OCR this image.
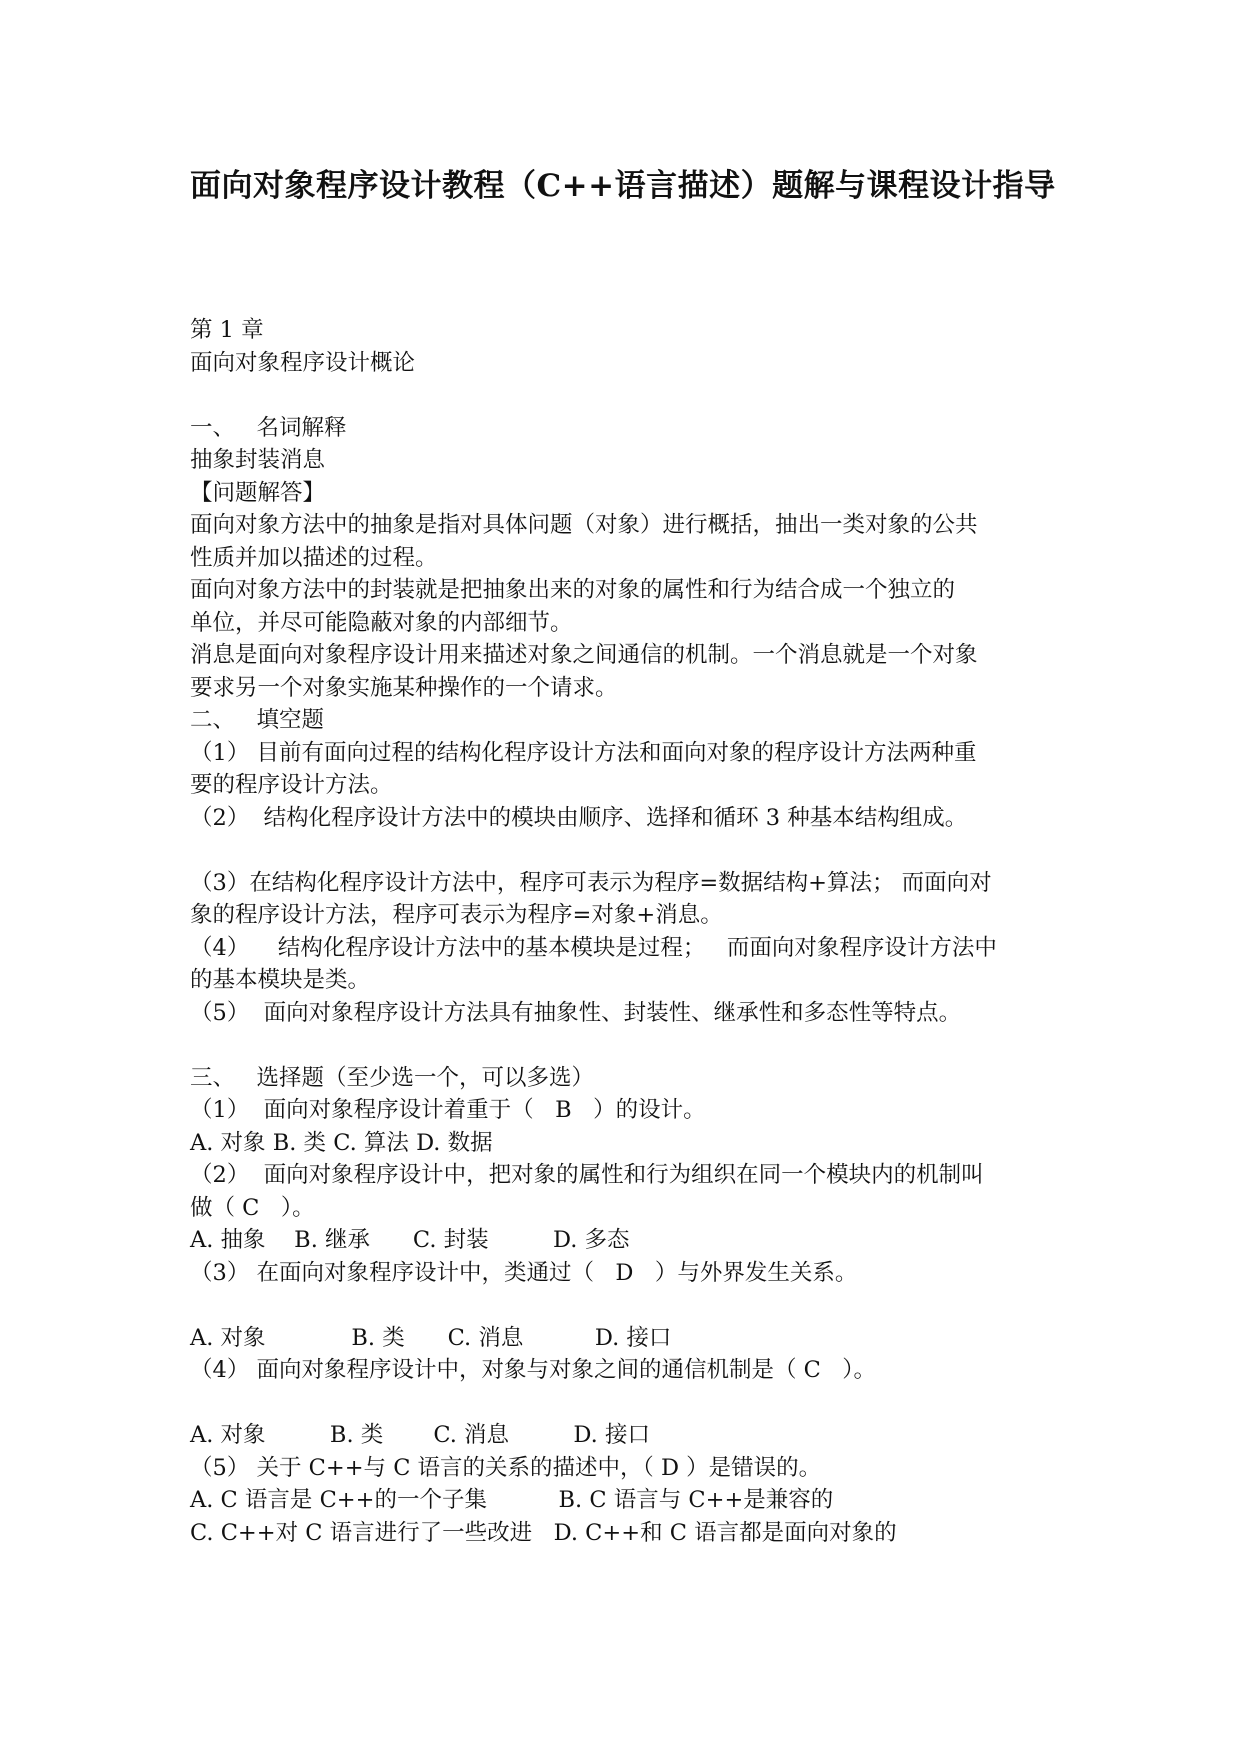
面向对象程序设计教程（C++语言描述）题解与课程设计指导
第 1 章
面向对象程序设计概论
一、   名词解释
抽象封装消息
【问题解答】
面向对象方法中的抽象是指对具体问题（对象）进行概括，抽出一类对象的公共
性质并加以描述的过程。
面向对象方法中的封装就是把抽象出来的对象的属性和行为结合成一个独立的
单位，并尽可能隐蔽对象的内部细节。
消息是面向对象程序设计用来描述对象之间通信的机制。一个消息就是一个对象
要求另一个对象实施某种操作的一个请求。
二、   填空题
（1） 目前有面向过程的结构化程序设计方法和面向对象的程序设计方法两种重
要的程序设计方法。
（2）  结构化程序设计方法中的模块由顺序、选择和循环 3 种基本结构组成。
（3）在结构化程序设计方法中，程序可表示为程序=数据结构+算法； 而面向对
象的程序设计方法，程序可表示为程序=对象+消息。
（4）    结构化程序设计方法中的基本模块是过程；   而面向对象程序设计方法中
的基本模块是类。
（5）  面向对象程序设计方法具有抽象性、封装性、继承性和多态性等特点。
三、   选择题（至少选一个，可以多选）
（1）  面向对象程序设计着重于（   B   ）的设计。
A. 对象 B. 类 C. 算法 D. 数据
（2）  面向对象程序设计中，把对象的属性和行为组织在同一个模块内的机制叫
做（ C   ）。
A. 抽象    B. 继承      C. 封装         D. 多态
（3） 在面向对象程序设计中，类通过（   D   ）与外界发生关系。
A. 对象            B. 类      C. 消息          D. 接口
（4） 面向对象程序设计中，对象与对象之间的通信机制是（ C   ）。
A. 对象         B. 类       C. 消息         D. 接口
（5） 关于 C++与 C 语言的关系的描述中，（ D ）是错误的。
A. C 语言是 C++的一个子集          B. C 语言与 C++是兼容的
C. C++对 C 语言进行了一些改进   D. C++和 C 语言都是面向对象的
